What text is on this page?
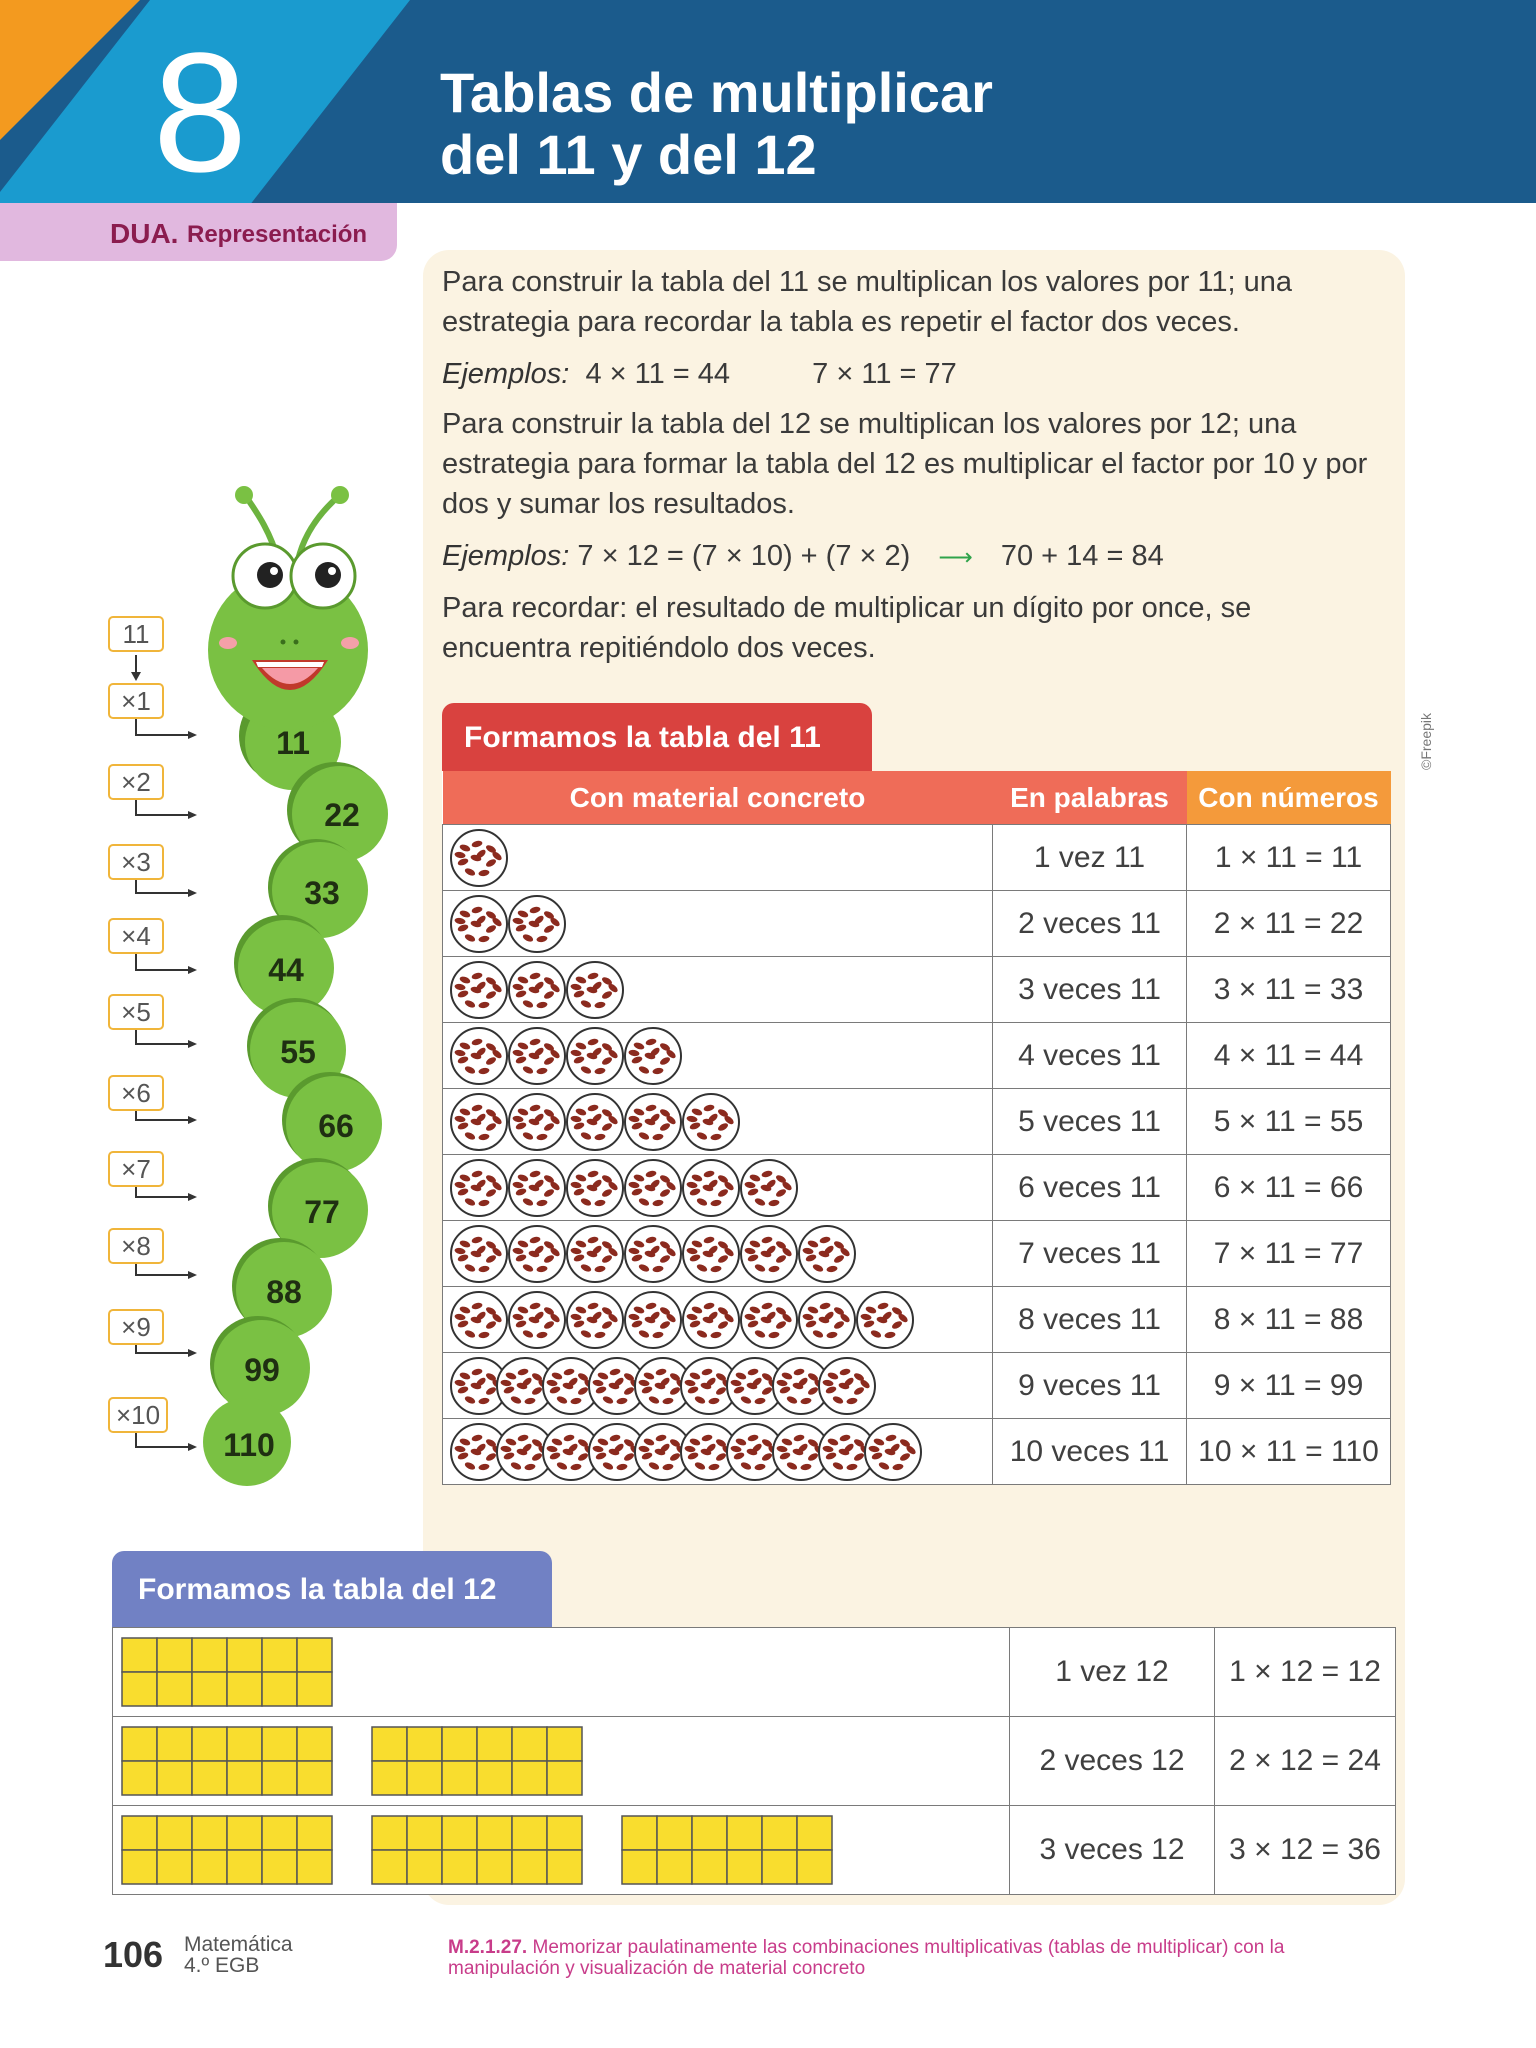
8	Tablas de multiplicar
del 11 y del 12
DUA. Representación

Para construir la tabla del 11 se multiplican los valores por 11; una estrategia para recordar la tabla es repetir el factor dos veces.

Ejemplos: 4 × 11 = 44	7 × 11 = 77

Para construir la tabla del 12 se multiplican los valores por 12; una estrategia para formar la tabla del 12 es multiplicar el factor por 10 y por dos y sumar los resultados.

Ejemplos: 7 × 12 = (7 × 10) + (7 × 2) ⟶ 70 + 14 = 84

Para recordar: el resultado de multiplicar un dígito por once, se encuentra repitiéndolo dos veces.

11
22
33
44
55
66
77
88
99
110
11
×1
×2
×3
×4
×5
×6
×7
×8
×9
×10
Formamos la tabla del 11
Con material concreto	En palabras	Con números
	1 vez 11	1 × 11 = 11
	2 veces 11	2 × 11 = 22
	3 veces 11	3 × 11 = 33
	4 veces 11	4 × 11 = 44
	5 veces 11	5 × 11 = 55
	6 veces 11	6 × 11 = 66
	7 veces 11	7 × 11 = 77
	8 veces 11	8 × 11 = 88
	9 veces 11	9 × 11 = 99
	10 veces 11	10 × 11 = 110
Formamos la tabla del 12
	1 vez 12	1 × 12 = 12
	2 veces 12	2 × 12 = 24
	3 veces 12	3 × 12 = 36
106 Matemática
4.º EGB
M.2.1.27. Memorizar paulatinamente las combinaciones multiplicativas (tablas de multiplicar) con la manipulación y visualización de material concreto
©Freepik
